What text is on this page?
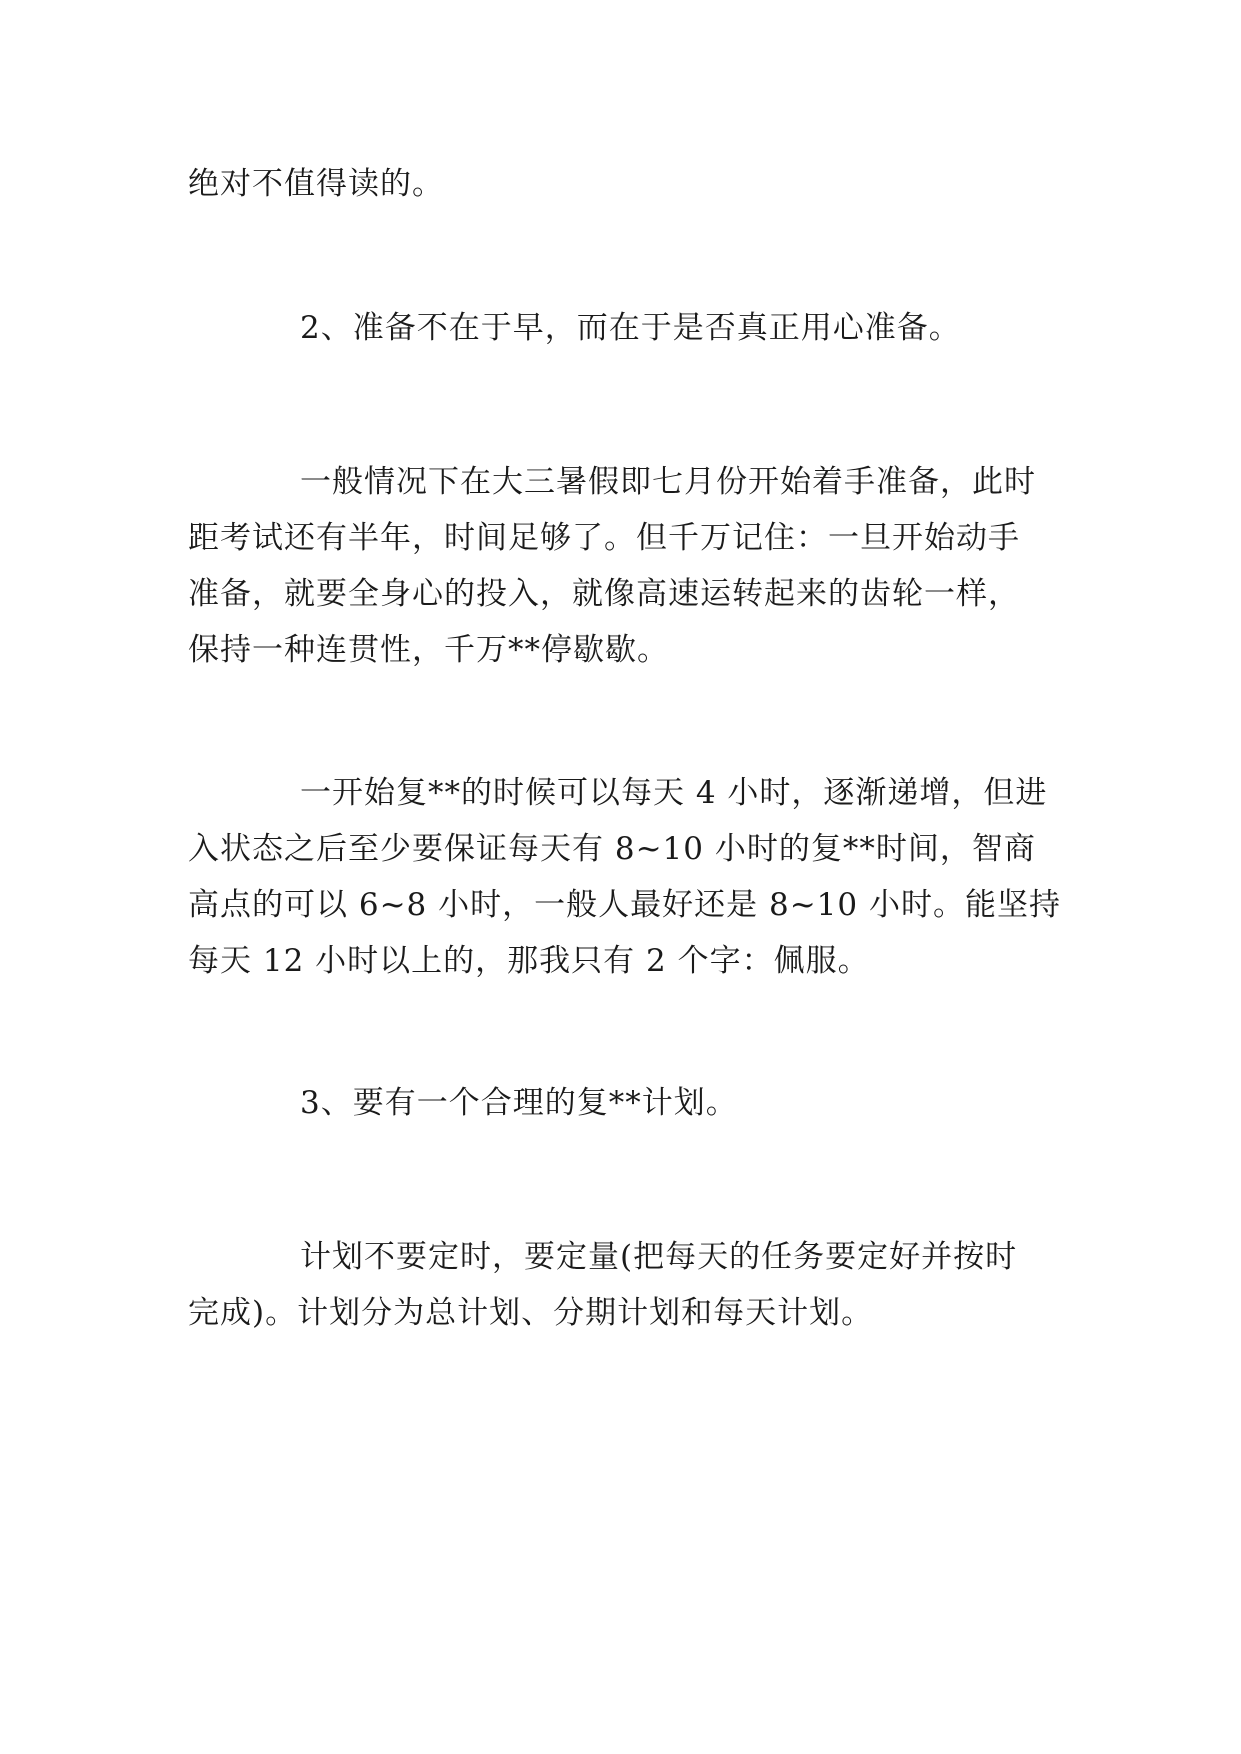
绝对不值得读的。

2、准备不在于早，而在于是否真正用心准备。

一般情况下在大三暑假即七月份开始着手准备，此时
距考试还有半年，时间足够了。但千万记住：一旦开始动手
准备，就要全身心的投入，就像高速运转起来的齿轮一样，
保持一种连贯性，千万**停歇歇。

一开始复**的时候可以每天 4 小时，逐渐递增，但进
入状态之后至少要保证每天有 8~10 小时的复**时间，智商
高点的可以 6~8 小时，一般人最好还是 8~10 小时。能坚持
每天 12 小时以上的，那我只有 2 个字：佩服。

3、要有一个合理的复**计划。

计划不要定时，要定量(把每天的任务要定好并按时
完成)。计划分为总计划、分期计划和每天计划。
